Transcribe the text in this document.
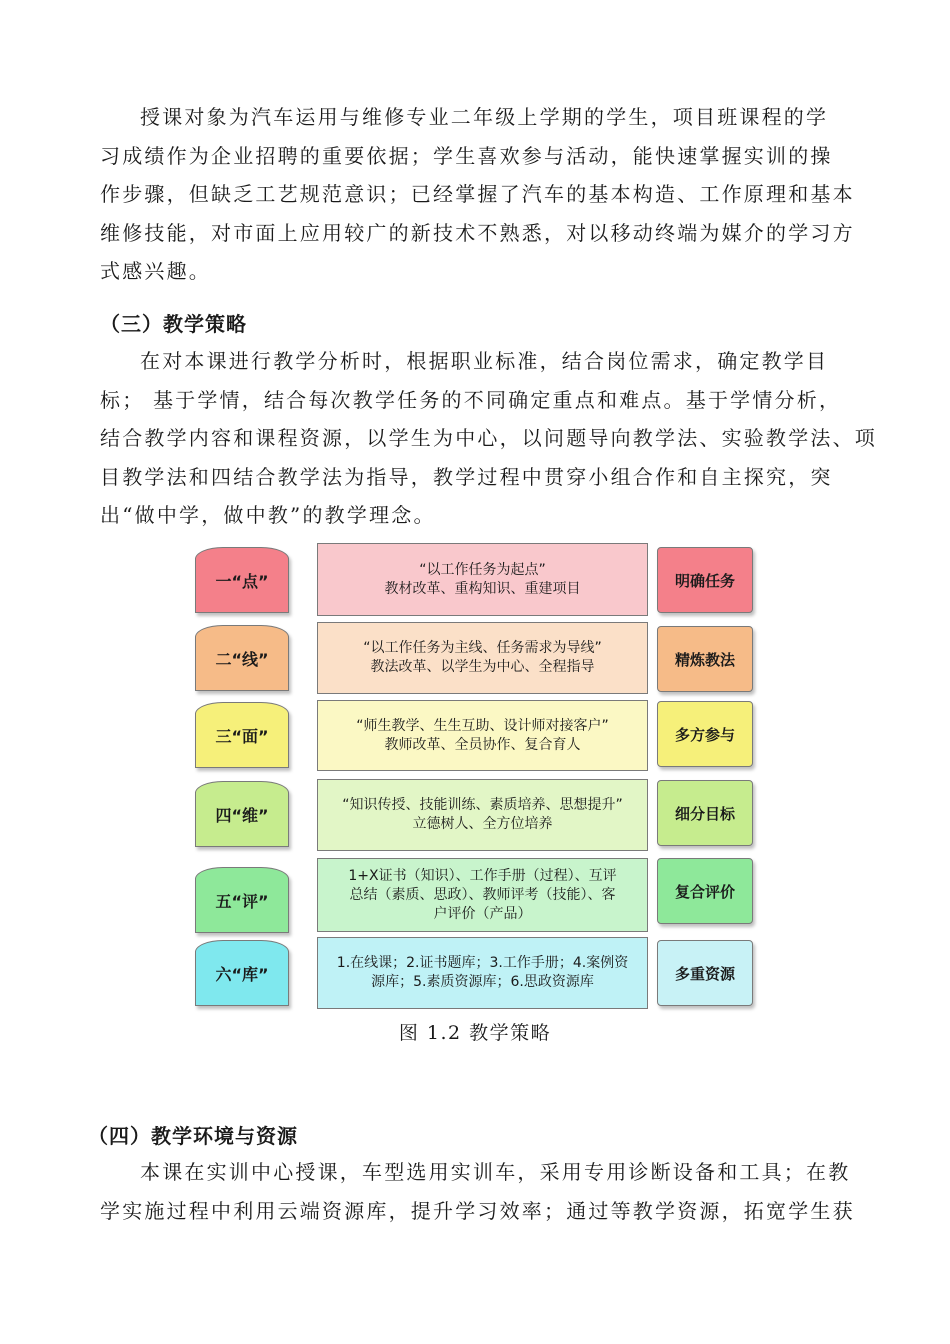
授课对象为汽车运用与维修专业二年级上学期的学生，项目班课程的学
习成绩作为企业招聘的重要依据；学生喜欢参与活动，能快速掌握实训的操
作步骤，但缺乏工艺规范意识；已经掌握了汽车的基本构造、工作原理和基本
维修技能，对市面上应用较广的新技术不熟悉，对以移动终端为媒介的学习方
式感兴趣。
（三）教学策略
在对本课进行教学分析时，根据职业标准，结合岗位需求，确定教学目
标； 基于学情，结合每次教学任务的不同确定重点和难点。基于学情分析，
结合教学内容和课程资源，以学生为中心，以问题导向教学法、实验教学法、项
目教学法和四结合教学法为指导，教学过程中贯穿小组合作和自主探究，突
出“做中学，做中教”的教学理念。
一“点”
“以工作任务为起点”
教材改革、重构知识、重建项目	明确任务
二“线”
“以工作任务为主线、任务需求为导线”
教法改革、以学生为中心、全程指导	精炼教法
三“面”
“师生教学、生生互助、设计师对接客户”
教师改革、全员协作、复合育人
多方参与
四“维”
“知识传授、技能训练、素质培养、思想提升”
立德树人、全方位培养
细分目标
五“评”
1+X证书（知识）、工作手册（过程）、互评
总结（素质、思政）、教师评考（技能）、客
户评价（产品）
复合评价
六“库”
1.在线课；2.证书题库；3.工作手册；4.案例资
源库；5.素质资源库；6.思政资源库	多重资源
图 1.2 教学策略
（四）教学环境与资源
本课在实训中心授课，车型选用实训车，采用专用诊断设备和工具；在教
学实施过程中利用云端资源库，提升学习效率；通过等教学资源，拓宽学生获
